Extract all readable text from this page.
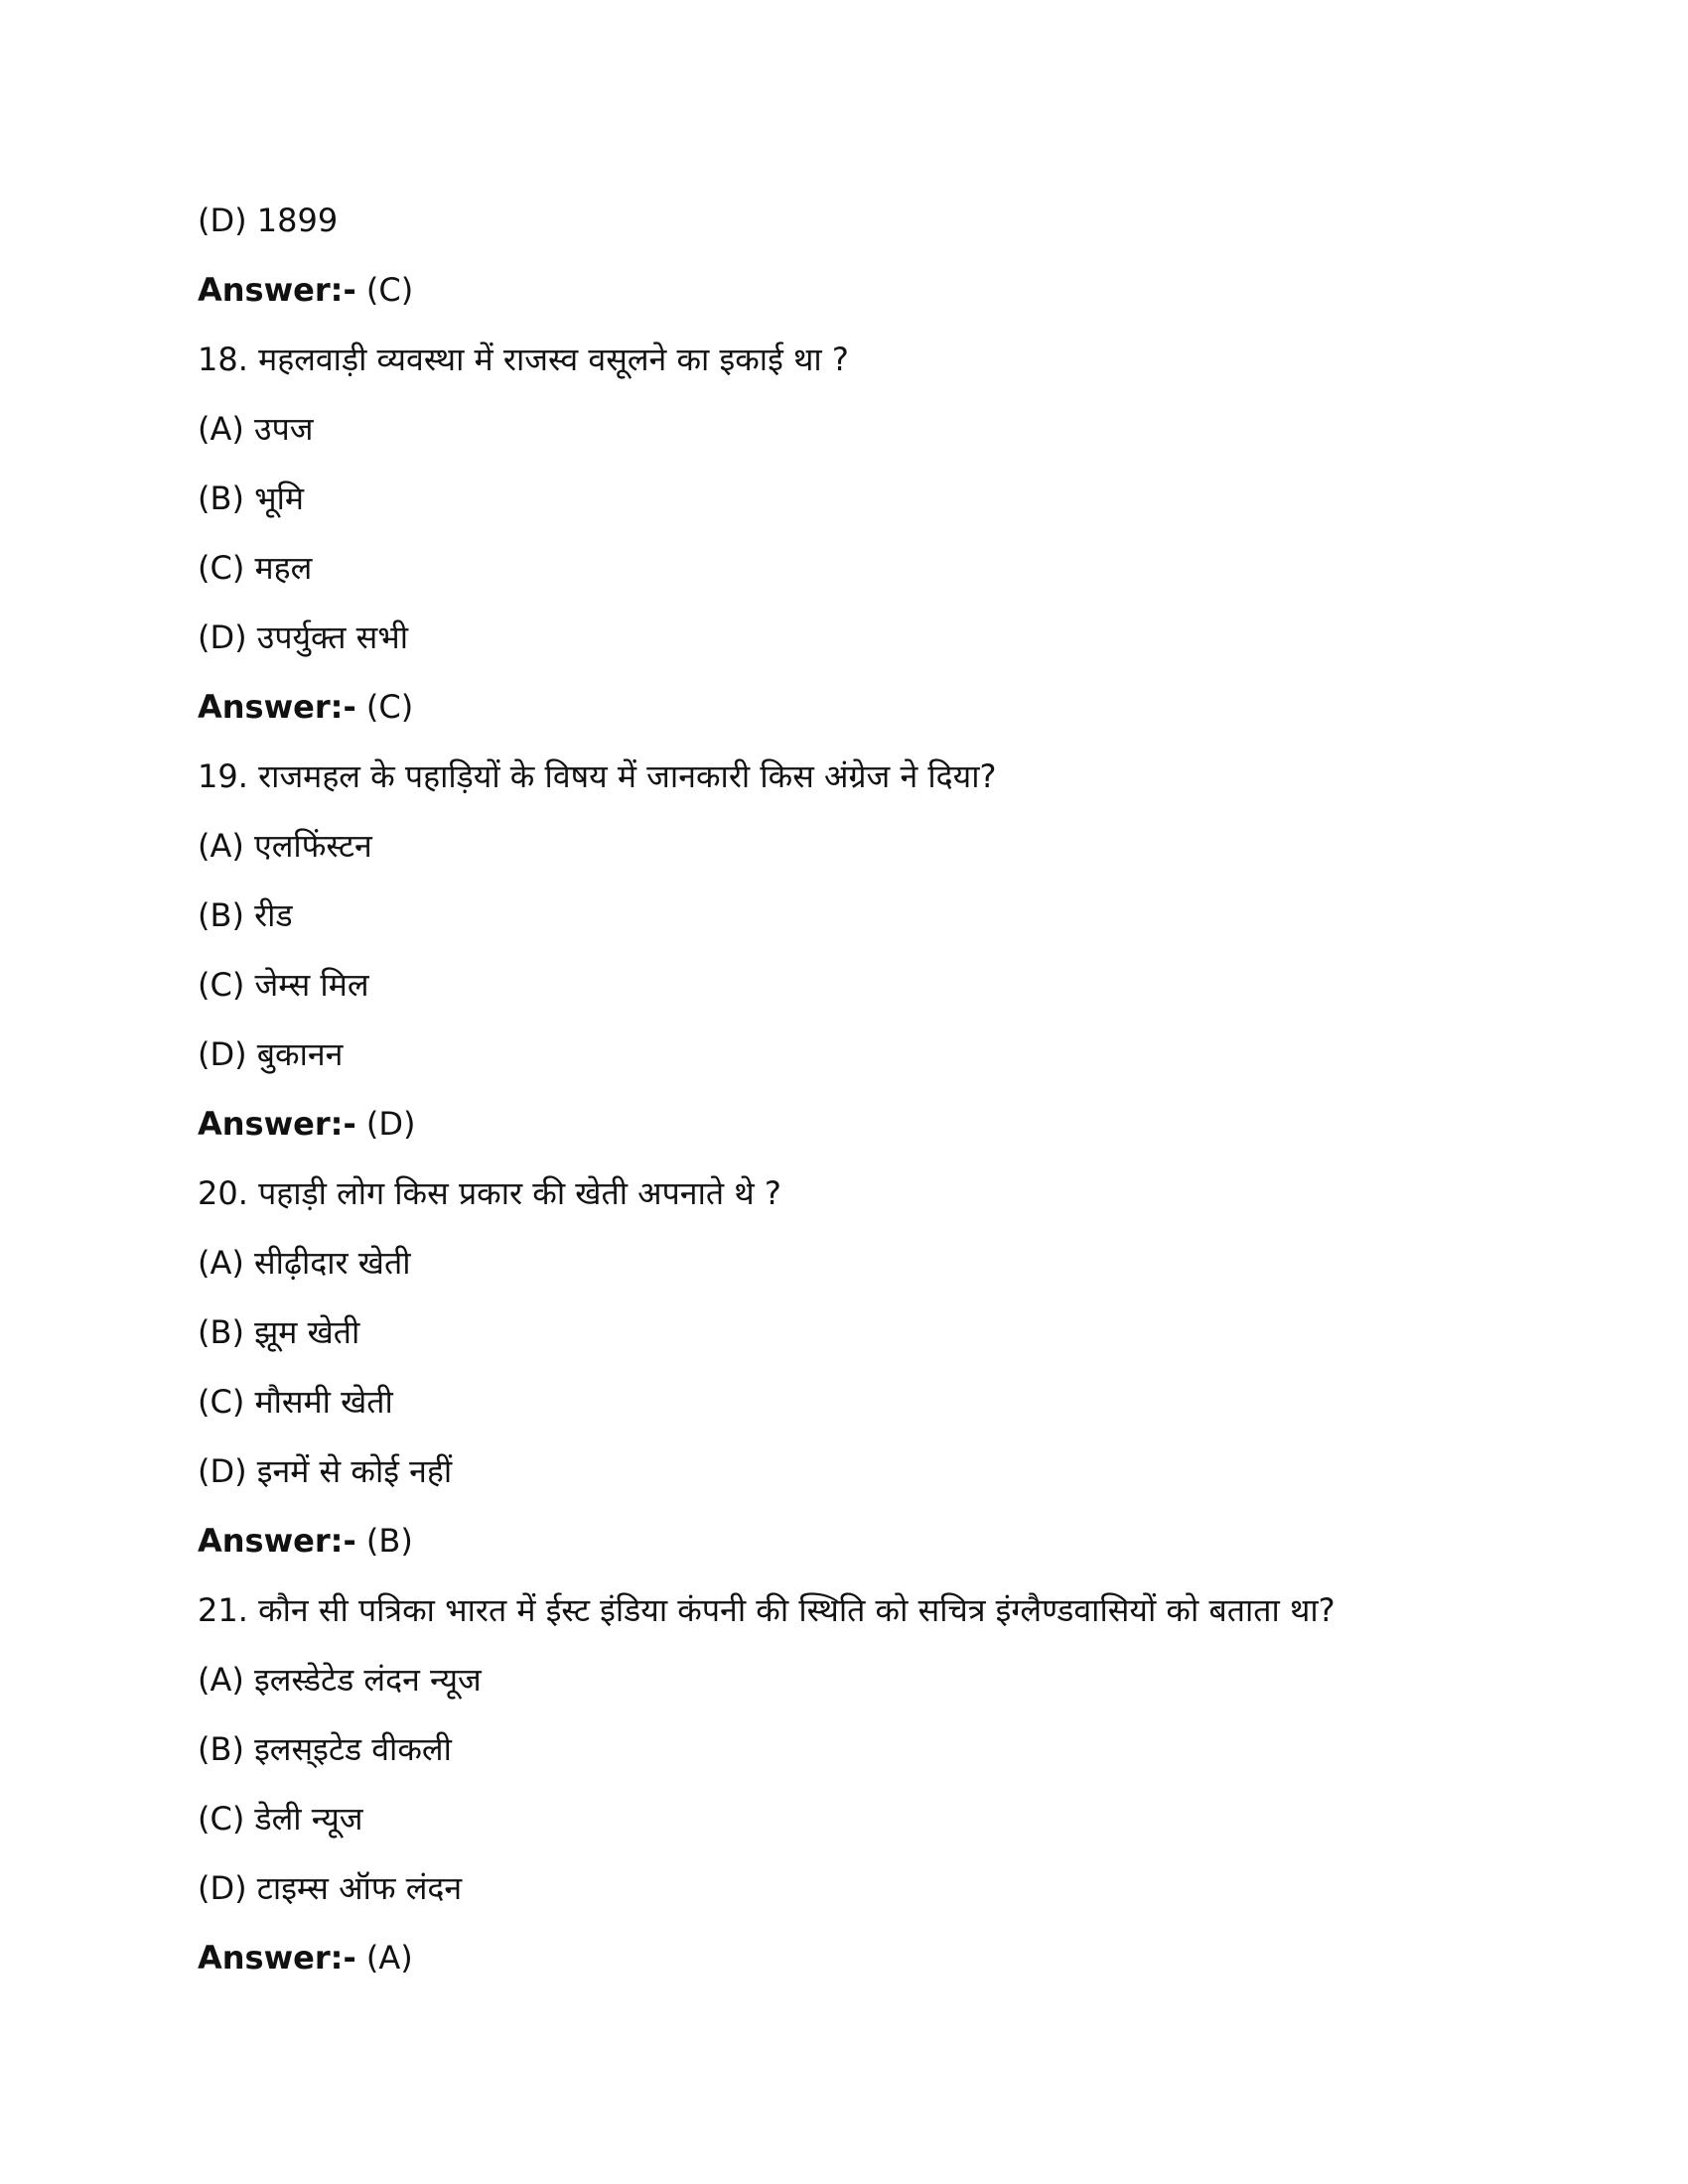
(D) 1899
Answer:- (C)
18. महलवाड़ी व्यवस्था में राजस्व वसूलने का इकाई था ?
(A) उपज
(B) भूमि
(C) महल
(D) उपर्युक्त सभी
Answer:- (C)
19. राजमहल के पहाड़ियों के विषय में जानकारी किस अंग्रेज ने दिया?
(A) एलफिंस्टन
(B) रीड
(C) जेम्स मिल
(D) बुकानन
Answer:- (D)
20. पहाड़ी लोग किस प्रकार की खेती अपनाते थे ?
(A) सीढ़ीदार खेती
(B) झूम खेती
(C) मौसमी खेती
(D) इनमें से कोई नहीं
Answer:- (B)
21. कौन सी पत्रिका भारत में ईस्ट इंडिया कंपनी की स्थिति को सचित्र इंग्लैण्डवासियों को बताता था?
(A) इलस्डेटेड लंदन न्यूज
(B) इलस्इटेड वीकली
(C) डेली न्यूज
(D) टाइम्स ऑफ लंदन
Answer:- (A)
